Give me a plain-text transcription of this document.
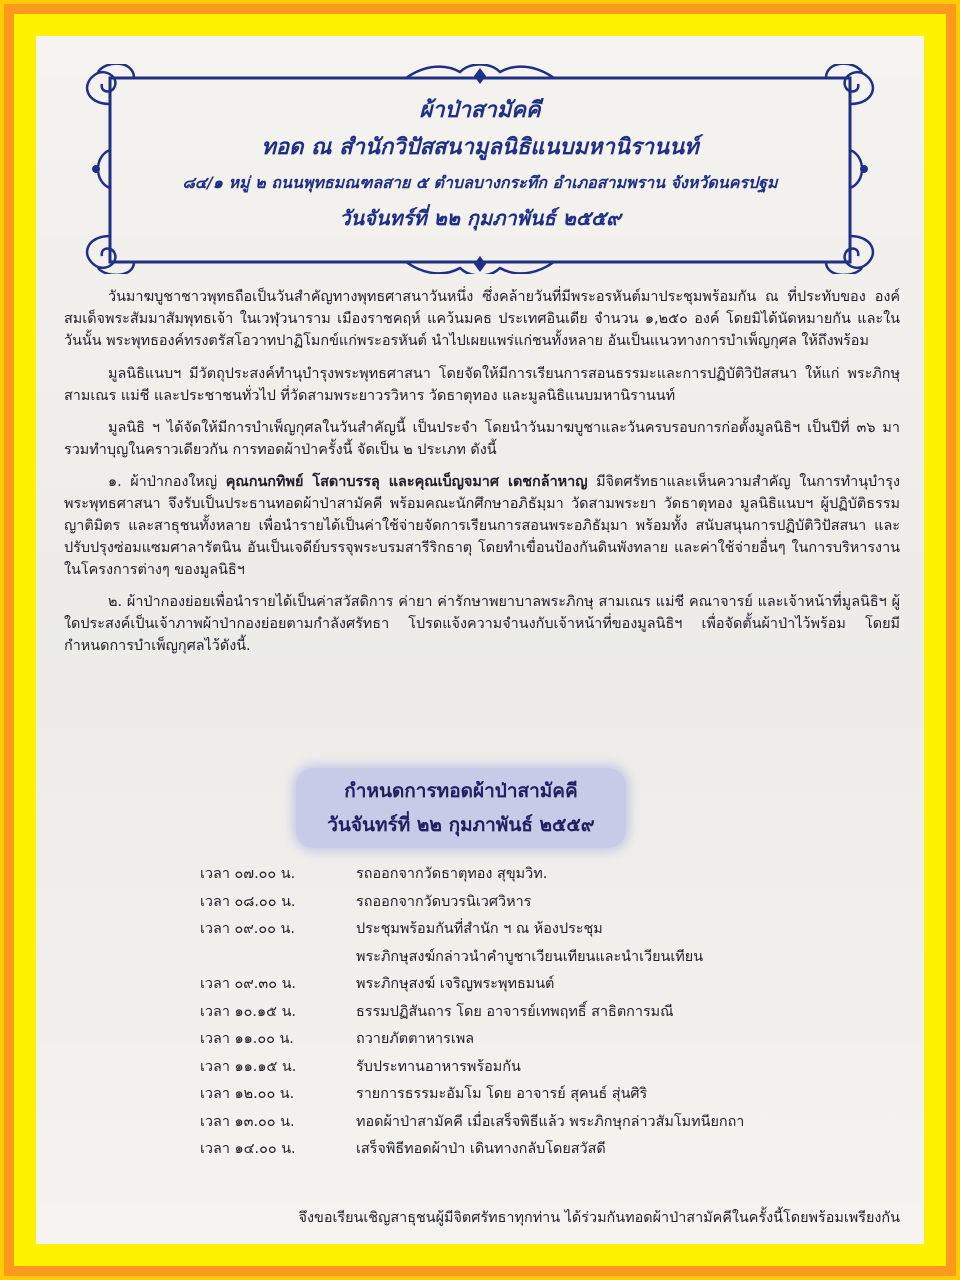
ผ้าป่าสามัคคี
ทอด ณ สำนักวิปัสสนามูลนิธิแนบมหานิรานนท์
๘๔/๑ หมู่ ๒ ถนนพุทธมณฑลสาย ๕ ตำบลบางกระทึก อำเภอสามพราน จังหวัดนครปฐม
วันจันทร์ที่ ๒๒ กุมภาพันธ์ ๒๕๕๙

วันมาฆบูชาชาวพุทธถือเป็นวันสำคัญทางพุทธศาสนาวันหนึ่ง ซึ่งคล้ายวันที่มีพระอรหันต์มาประชุมพร้อมกัน ณ ที่ประทับของ องค์สมเด็จพระสัมมาสัมพุทธเจ้า ในเวฬุวนาราม เมืองราชคฤห์ แคว้นมคธ ประเทศอินเดีย จำนวน ๑,๒๕๐ องค์ โดยมิได้นัดหมายกัน และในวันนั้น พระพุทธองค์ทรงตรัสโอวาทปาฏิโมกข์แก่พระอรหันต์ นำไปเผยแพร่แก่ชนทั้งหลาย อันเป็นแนวทางการบำเพ็ญกุศล ให้ถึงพร้อม

มูลนิธิแนบฯ มีวัตถุประสงค์ทำนุบำรุงพระพุทธศาสนา โดยจัดให้มีการเรียนการสอนธรรมะและการปฏิบัติวิปัสสนา ให้แก่ พระภิกษุ สามเณร แม่ชี และประชาชนทั่วไป ที่วัดสามพระยาวรวิหาร วัดธาตุทอง และมูลนิธิแนบมหานิรานนท์

มูลนิธิ ฯ ได้จัดให้มีการบำเพ็ญกุศลในวันสำคัญนี้ เป็นประจำ โดยนำวันมาฆบูชาและวันครบรอบการก่อตั้งมูลนิธิฯ เป็นปีที่ ๓๖ มารวมทำบุญในคราวเดียวกัน การทอดผ้าป่าครั้งนี้ จัดเป็น ๒ ประเภท ดังนี้

๑. ผ้าป่ากองใหญ่ คุณกนกทิพย์ โสดาบรรลุ และคุณเบ็ญจมาศ เดชกล้าหาญ มีจิตศรัทธาและเห็นความสำคัญ ในการทำนุบำรุงพระพุทธศาสนา จึงรับเป็นประธานทอดผ้าป่าสามัคคี พร้อมคณะนักศึกษาอภิธัมฺมา วัดสามพระยา วัดธาตุทอง มูลนิธิแนบฯ ผู้ปฏิบัติธรรม ญาติมิตร และสาธุชนทั้งหลาย เพื่อนำรายได้เป็นค่าใช้จ่ายจัดการเรียนการสอนพระอภิธัมฺมา พร้อมทั้ง สนับสนุนการปฏิบัติวิปัสสนา และปรับปรุงซ่อมแซมศาลารัตนิน อันเป็นเจดีย์บรรจุพระบรมสารีริกธาตุ โดยทำเขื่อนป้องกันดินพังทลาย และค่าใช้จ่ายอื่นๆ ในการบริหารงาน ในโครงการต่างๆ ของมูลนิธิฯ

๒. ผ้าป่ากองย่อยเพื่อนำรายได้เป็นค่าสวัสดิการ ค่ายา ค่ารักษาพยาบาลพระภิกษุ สามเณร แม่ชี คณาจารย์ และเจ้าหน้าที่มูลนิธิฯ ผู้ใดประสงค์เป็นเจ้าภาพผ้าป่ากองย่อยตามกำลังศรัทธา โปรดแจ้งความจำนงกับเจ้าหน้าที่ของมูลนิธิฯ เพื่อจัดตั้นผ้าป่าไว้พร้อม โดยมีกำหนดการบำเพ็ญกุศลไว้ดังนี้.

กำหนดการทอดผ้าป่าสามัคคี
วันจันทร์ที่ ๒๒ กุมภาพันธ์ ๒๕๕๙
เวลา ๐๗.๐๐ น.	รถออกจากวัดธาตุทอง สุขุมวิท.
เวลา ๐๘.๐๐ น.	รถออกจากวัดบวรนิเวศวิหาร
เวลา ๐๙.๐๐ น.	ประชุมพร้อมกันที่สำนัก ฯ ณ ห้องประชุม
พระภิกษุสงฆ์กล่าวนำคำบูชาเวียนเทียนและนำเวียนเทียน
เวลา ๐๙.๓๐ น.	พระภิกษุสงฆ์ เจริญพระพุทธมนต์
เวลา ๑๐.๑๕ น.	ธรรมปฏิสันถาร โดย อาจารย์เทพฤทธิ์ สาธิตการมณี
เวลา ๑๑.๐๐ น.	ถวายภัตตาหารเพล
เวลา ๑๑.๑๕ น.	รับประทานอาหารพร้อมกัน
เวลา ๑๒.๐๐ น.	รายการธรรมะอัมโม โดย อาจารย์ สุคนธ์ สุ่นศิริ
เวลา ๑๓.๐๐ น.	ทอดผ้าป่าสามัคคี เมื่อเสร็จพิธีแล้ว พระภิกษุกล่าวสัมโมทนียกถา
เวลา ๑๔.๐๐ น.	เสร็จพิธีทอดผ้าป่า เดินทางกลับโดยสวัสดี
จึงขอเรียนเชิญสาธุชนผู้มีจิตศรัทธาทุกท่าน ได้ร่วมกันทอดผ้าป่าสามัคคีในครั้งนี้โดยพร้อมเพรียงกัน
